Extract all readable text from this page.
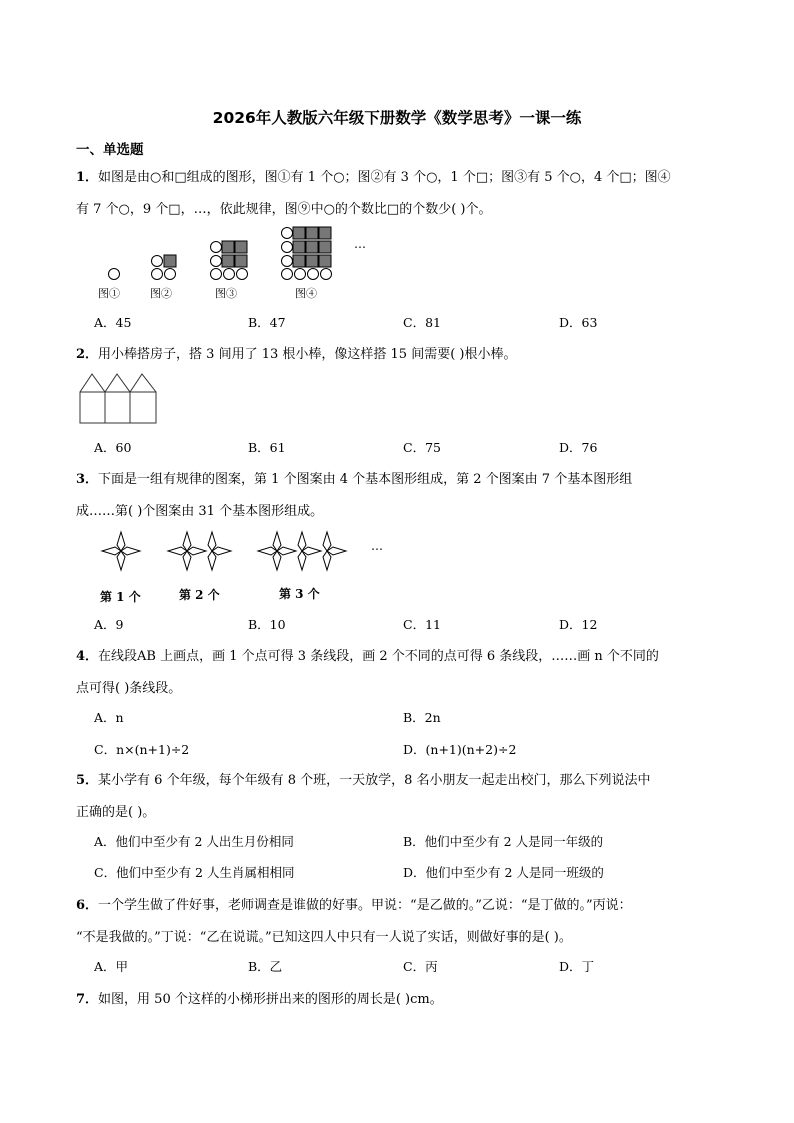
2026年人教版六年级下册数学《数学思考》一课一练
一、单选题
1．如图是由○和□组成的图形，图①有 1 个○；图②有 3 个○，1 个□；图③有 5 个○，4 个□；图④
有 7 个○，9 个□，…，依此规律，图⑨中○的个数比□的个数少( )个。
图①	图②	图③	图④
…
A．45	B．47	C．81	D．63
2．用小棒搭房子，搭 3 间用了 13 根小棒，像这样搭 15 间需要( )根小棒。
A．60	B．61	C．75	D．76
3．下面是一组有规律的图案，第 1 个图案由 4 个基本图形组成，第 2 个图案由 7 个基本图形组
成……第( )个图案由 31 个基本图形组成。
…
第 1 个	第 2 个	第 3 个
A．9	B．10	C．11	D．12
4．在线段AB 上画点，画 1 个点可得 3 条线段，画 2 个不同的点可得 6 条线段，……画 n 个不同的
点可得( )条线段。
A．n	B．2n
C．n×(n+1)÷2	D．(n+1)(n+2)÷2
5．某小学有 6 个年级，每个年级有 8 个班，一天放学，8 名小朋友一起走出校门，那么下列说法中
正确的是( )。
A．他们中至少有 2 人出生月份相同	B．他们中至少有 2 人是同一年级的
C．他们中至少有 2 人生肖属相相同	D．他们中至少有 2 人是同一班级的
6．一个学生做了件好事，老师调查是谁做的好事。甲说：“是乙做的。”乙说：“是丁做的。”丙说：
“不是我做的。”丁说：“乙在说谎。”已知这四人中只有一人说了实话，则做好事的是( )。
A．甲	B．乙	C．丙	D．丁
7．如图，用 50 个这样的小梯形拼出来的图形的周长是( )cm。
